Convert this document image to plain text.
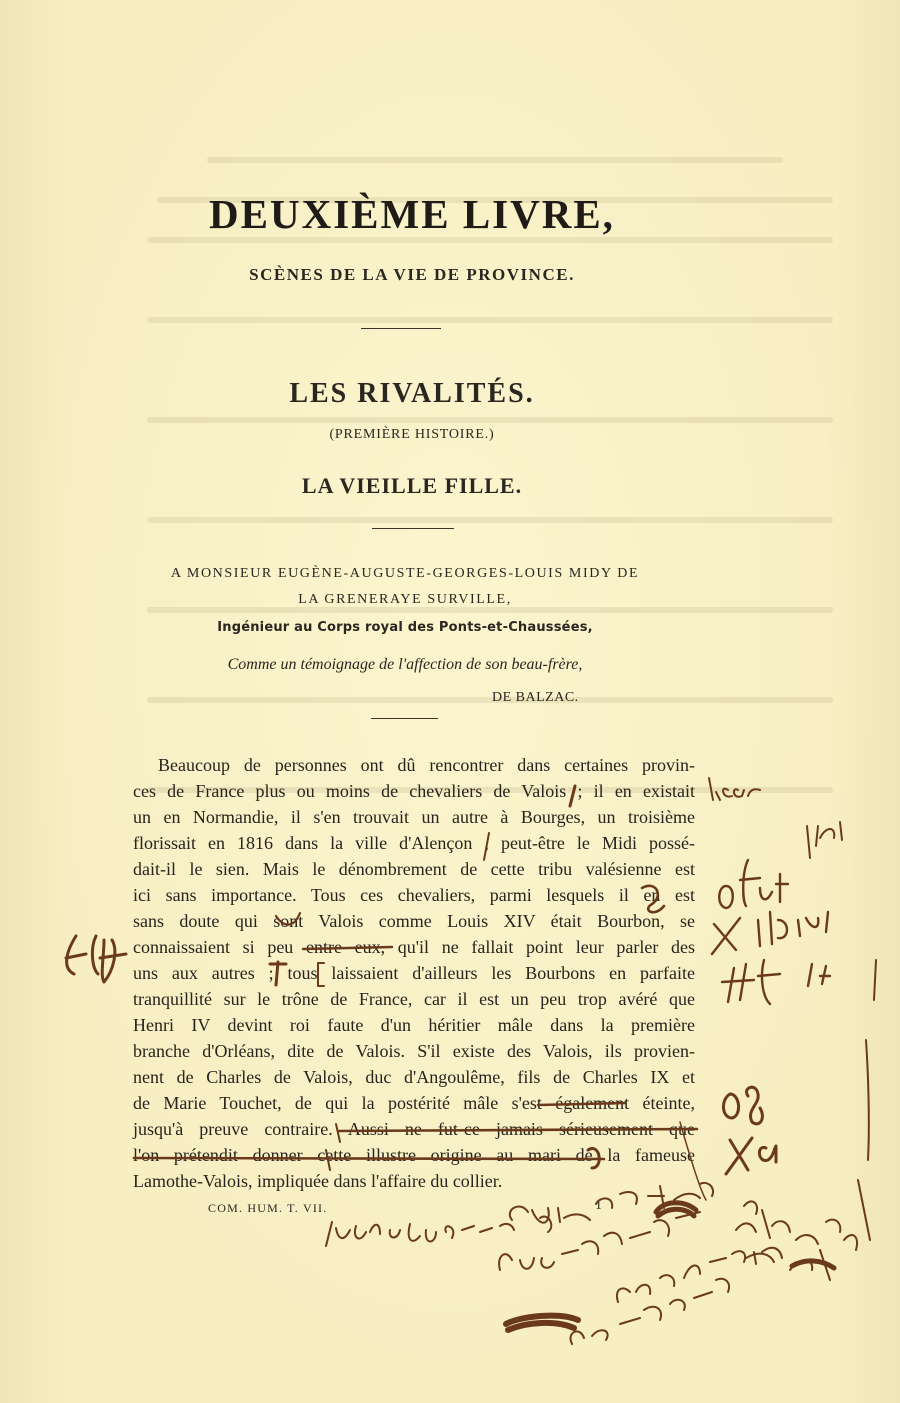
DEUXIÈME LIVRE,
SCÈNES DE LA VIE DE PROVINCE.
LES RIVALITÉS.
(PREMIÈRE HISTOIRE.)
LA VIEILLE FILLE.
A MONSIEUR EUGÈNE-AUGUSTE-GEORGES-LOUIS MIDY DE
LA GRENERAYE SURVILLE,
Ingénieur au Corps royal des Ponts-et-Chaussées,
Comme un témoignage de l'affection de son beau-frère,
DE BALZAC.
Beaucoup de personnes ont dû rencontrer dans certaines provin-
ces de France plus ou moins de chevaliers de Valois ; il en existait
un en Normandie, il s'en trouvait un autre à Bourges, un troisième
florissait en 1816 dans la ville d'Alençon , peut-être le Midi possé-
dait-il le sien. Mais le dénombrement de cette tribu valésienne est
ici sans importance. Tous ces chevaliers, parmi lesquels il en est
sans doute qui sont Valois comme Louis XIV était Bourbon, se
connaissaient si peu entre eux, qu'il ne fallait point leur parler des
uns aux autres ; tous laissaient d'ailleurs les Bourbons en parfaite
tranquillité sur le trône de France, car il est un peu trop avéré que
Henri IV devint roi faute d'un héritier mâle dans la première
branche d'Orléans, dite de Valois. S'il existe des Valois, ils provien-
nent de Charles de Valois, duc d'Angoulême, fils de Charles IX et
de Marie Touchet, de qui la postérité mâle s'est également éteinte,
jusqu'à preuve contraire. Aussi ne fut-ce jamais sérieusement que
l'on prétendit donner cette illustre origine au mari de la fameuse
Lamothe-Valois, impliquée dans l'affaire du collier.
COM. HUM. T. VII.	1
